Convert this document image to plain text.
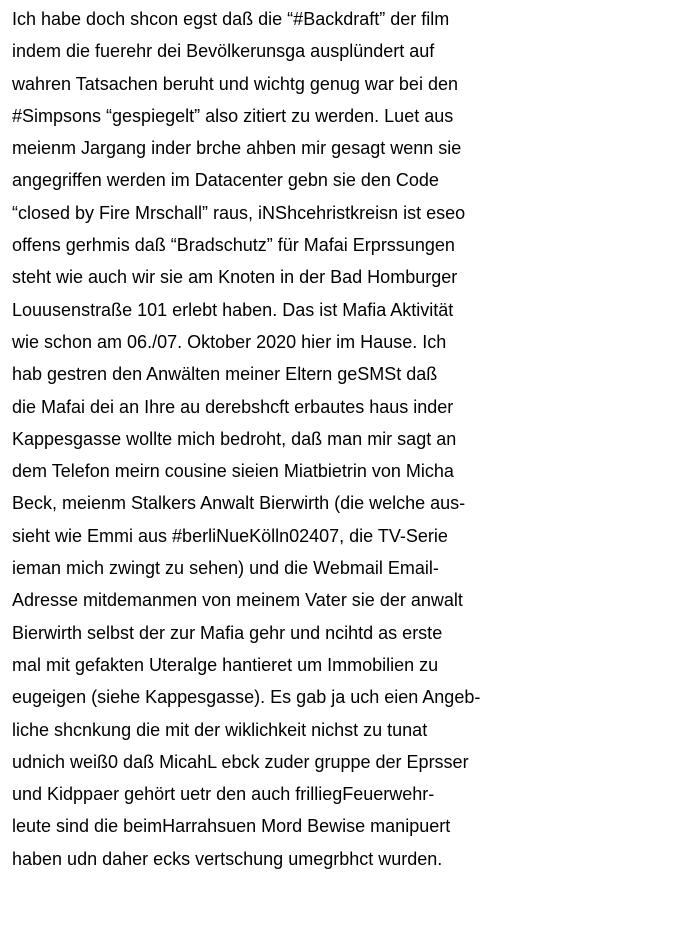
Ich habe doch shcon egst daß die “#Backdraft” der film
indem die fuerehr dei Bevölkerunsga ausplündert auf
wahren Tatsachen beruht und wichtg genug war bei den
#Simpsons “gespiegelt” also zitiert zu werden. Luet aus
meienm Jargang inder brche ahben mir gesagt wenn sie
angegriffen werden im Datacenter gebn sie den Code
“closed by Fire Mrschall” raus, iNShcehristkreisn ist eseo
offens gerhmis daß “Bradschutz” für Mafai Erprssungen
steht wie auch wir sie am Knoten in der Bad Homburger
Louusenstraße 101 erlebt haben. Das ist Mafia Aktivität
wie schon am 06./07. Oktober 2020 hier im Hause. Ich
hab gestren den Anwälten meiner Eltern geSMSt daß
die Mafai dei an Ihre au derebshcft erbautes haus inder
Kappesgasse wollte mich bedroht, daß man mir sagt an
dem Telefon meirn cousine sieien Miatbietrin von Micha
Beck, meienm Stalkers Anwalt Bierwirth (die welche aus-
sieht wie Emmi aus #berliNueKölln02407, die TV-Serie
ieman mich zwingt zu sehen) und die Webmail Email-
Adresse mitdemanmen von meinem Vater sie der anwalt
Bierwirth selbst der zur Mafia gehr und ncihtd as erste
mal mit gefakten Uteralge hantieret um Immobilien zu
eugeigen (siehe Kappesgasse). Es gab ja uch eien Angeb-
liche shcnkung die mit der wiklichkeit nichst zu tunat
udnich weiß0 daß MicahL ebck zuder gruppe der Eprsser
und Kidppaer gehört uetr den auch frilliegFeuerwehr-
leute sind die beimHarrahsuen Mord Bewise manipuert
haben udn daher ecks vertschung umegrbhct wurden.
